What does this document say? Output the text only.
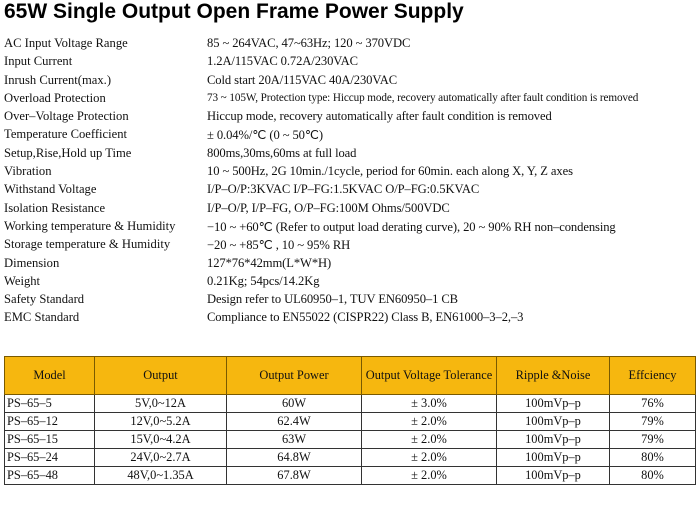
65W Single Output Open Frame Power Supply
AC Input Voltage Range	85 ~ 264VAC, 47~63Hz; 120 ~ 370VDC
Input Current	1.2A/115VAC 0.72A/230VAC
Inrush Current(max.)	Cold start 20A/115VAC 40A/230VAC
Overload Protection	73 ~ 105W, Protection type: Hiccup mode, recovery automatically after fault condition is removed
Over–Voltage Protection	Hiccup mode, recovery automatically after fault condition is removed
Temperature Coefficient	± 0.04%/℃ (0 ~ 50℃)
Setup,Rise,Hold up Time	800ms,30ms,60ms at full load
Vibration	10 ~ 500Hz, 2G 10min./1cycle, period for 60min. each along X, Y, Z axes
Withstand Voltage	I/P–O/P:3KVAC I/P–FG:1.5KVAC O/P–FG:0.5KVAC
Isolation Resistance	I/P–O/P, I/P–FG, O/P–FG:100M Ohms/500VDC
Working temperature & Humidity	−10 ~ +60℃ (Refer to output load derating curve), 20 ~ 90% RH non–condensing
Storage temperature & Humidity	−20 ~ +85℃ , 10 ~ 95% RH
Dimension	127*76*42mm(L*W*H)
Weight	0.21Kg; 54pcs/14.2Kg
Safety Standard	Design refer to UL60950–1, TUV EN60950–1 CB
EMC Standard	Compliance to EN55022 (CISPR22) Class B, EN61000–3–2,–3
Model	Output	Output Power	Output Voltage Tolerance	Ripple &Noise	Effciency
PS–65–5	5V,0~12A	60W	± 3.0%	100mVp–p	76%
PS–65–12	12V,0~5.2A	62.4W	± 2.0%	100mVp–p	79%
PS–65–15	15V,0~4.2A	63W	± 2.0%	100mVp–p	79%
PS–65–24	24V,0~2.7A	64.8W	± 2.0%	100mVp–p	80%
PS–65–48	48V,0~1.35A	67.8W	± 2.0%	100mVp–p	80%
